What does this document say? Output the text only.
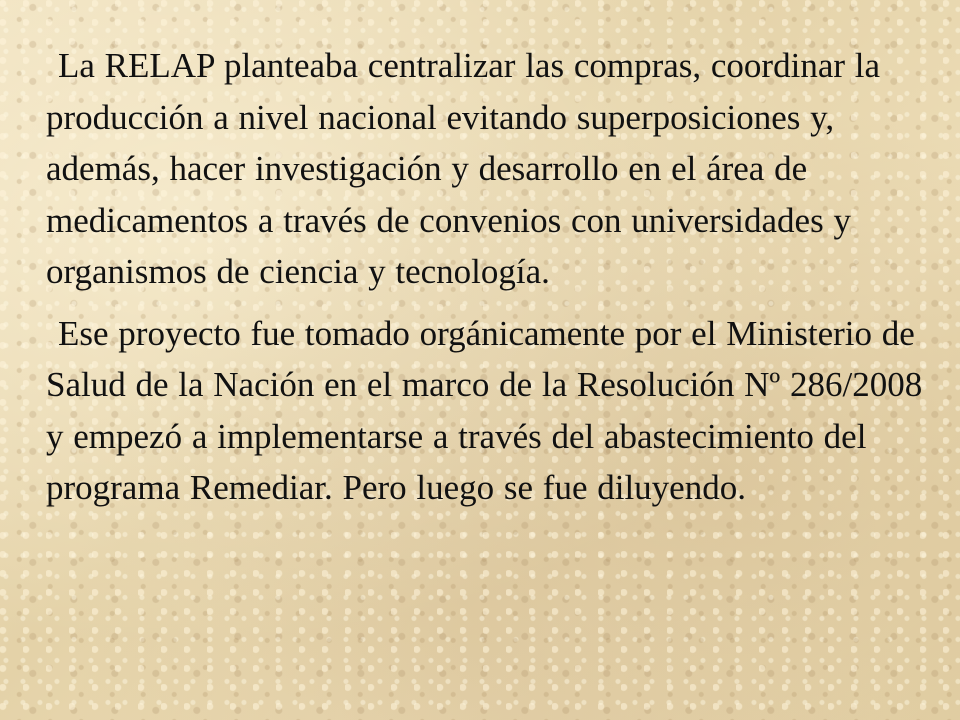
La RELAP planteaba centralizar las compras, coordinar la producción a nivel nacional evitando superposiciones y, además, hacer investigación y desarrollo en el área de medicamentos a través de convenios con universidades y organismos de ciencia y tecnología.

Ese proyecto fue tomado orgánicamente por el Ministerio de Salud de la Nación en el marco de la Resolución Nº 286/2008 y empezó a implementarse a través del abastecimiento del programa Remediar. Pero luego se fue diluyendo.
